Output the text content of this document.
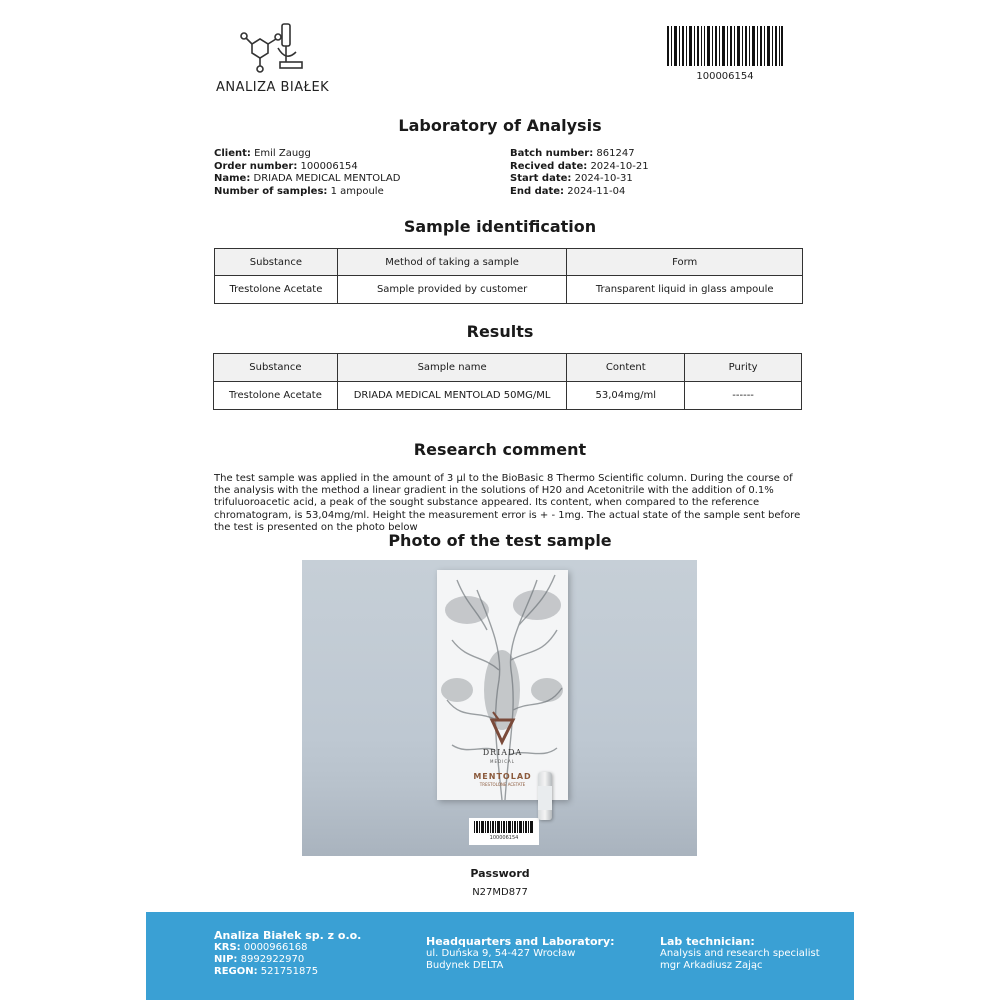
ANALIZA BIAŁEK
100006154
Laboratory of Analysis
Client: Emil Zaugg
Order number: 100006154
Name: DRIADA MEDICAL MENTOLAD
Number of samples: 1 ampoule
Batch number: 861247
Recived date: 2024-10-21
Start date: 2024-10-31
End date: 2024-11-04
Sample identification
Substance	Method of taking a sample	Form
Trestolone Acetate	Sample provided by customer	Transparent liquid in glass ampoule
Results
Substance	Sample name	Content	Purity
Trestolone Acetate	DRIADA MEDICAL MENTOLAD 50MG/ML	53,04mg/ml	------
Research comment
The test sample was applied in the amount of 3 µl to the BioBasic 8 Thermo Scientific column. During the course of the analysis with the method a linear gradient in the solutions of H20 and Acetonitrile with the addition of 0.1% trifuluoroacetic acid, a peak of the sought substance appeared. Its content, when compared to the reference chromatogram, is 53,04mg/ml. Height the measurement error is + - 1mg. The actual state of the sample sent before the test is presented on the photo below
Photo of the test sample
DRIADA
MEDICAL
MENTOLAD
TRESTOLONE ACETATE
100006154
Password
N27MD877
Analiza Białek sp. z o.o.
KRS: 0000966168
NIP: 8992922970
REGON: 521751875
Headquarters and Laboratory:
ul. Duńska 9, 54-427 Wrocław
Budynek DELTA
Lab technician:
Analysis and research specialist
mgr Arkadiusz Zając
